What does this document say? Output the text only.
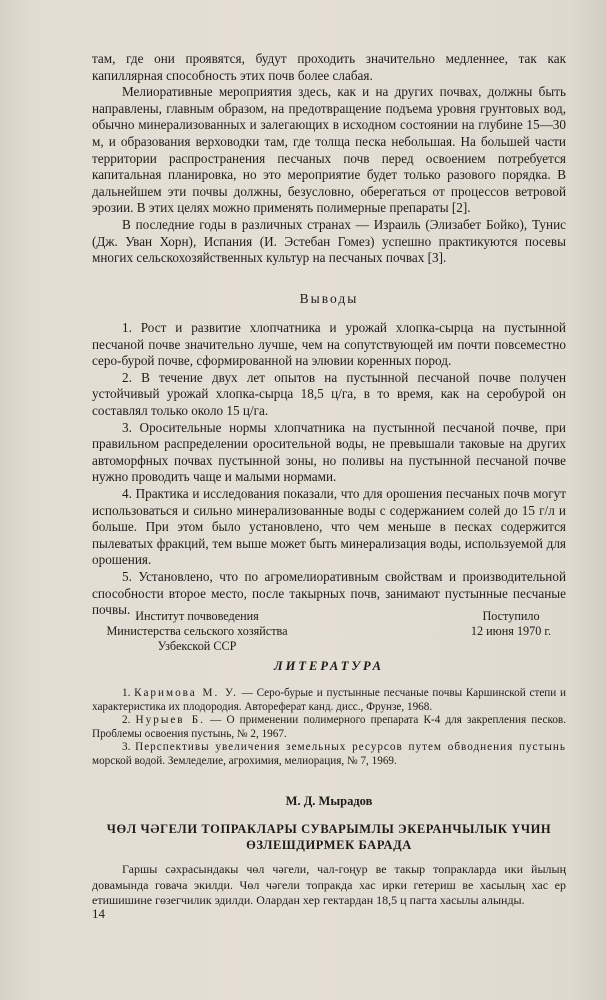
там, где они проявятся, будут проходить значительно медленнее, так как капиллярная способность этих почв более слабая.

Мелиоративные мероприятия здесь, как и на других почвах, должны быть направлены, главным образом, на предотвращение подъема уровня грунтовых вод, обычно минерализованных и залегающих в исходном состоянии на глубине 15—30 м, и образования верховодки там, где толща песка небольшая. На большей части территории распространения песчаных почв перед освоением потребуется капитальная планировка, но это мероприятие будет только разового порядка. В дальнейшем эти почвы должны, безусловно, оберегаться от процессов ветровой эрозии. В этих целях можно применять полимерные препараты [2].

В последние годы в различных странах — Израиль (Элизабет Бойко), Тунис (Дж. Уван Хорн), Испания (И. Эстебан Гомез) успешно практикуются посевы многих сельскохозяйственных культур на песчаных почвах [3].

Выводы

1. Рост и развитие хлопчатника и урожай хлопка-сырца на пустынной песчаной почве значительно лучше, чем на сопутствующей им почти повсеместно серо-бурой почве, сформированной на элювии коренных пород.

2. В течение двух лет опытов на пустынной песчаной почве получен устойчивый урожай хлопка-сырца 18,5 ц/га, в то время, как на серобурой он составлял только около 15 ц/га.

3. Оросительные нормы хлопчатника на пустынной песчаной почве, при правильном распределении оросительной воды, не превышали таковые на других автоморфных почвах пустынной зоны, но поливы на пустынной песчаной почве нужно проводить чаще и малыми нормами.

4. Практика и исследования показали, что для орошения песчаных почв могут использоваться и сильно минерализованные воды с содержанием солей до 15 г/л и больше. При этом было установлено, что чем меньше в песках содержится пылеватых фракций, тем выше может быть минерализация воды, используемой для орошения.

5. Установлено, что по агромелиоративным свойствам и производительной способности второе место, после такырных почв, занимают пустынные песчаные почвы. Институт почвоведения
Министерства сельского хозяйства
Узбекской ССР
Поступило
12 июня 1970 г.
ЛИТЕРАТУРА

1. Каримова М. У. — Серо-бурые и пустынные песчаные почвы Каршинской степи и характеристика их плодородия. Автореферат канд. дисс., Фрунзе, 1968.

2. Нурыев Б. — О применении полимерного препарата К-4 для закрепления песков. Проблемы освоения пустынь, № 2, 1967.

3. Перспективы увеличения земельных ресурсов путем обводнения пустынь морской водой. Земледелие, агрохимия, мелиорация, № 7, 1969.

М. Д. Мырадов
ЧӨЛ ЧӘГЕЛИ ТОПРАКЛАРЫ СУВАРЫМЛЫ ЭКЕРАНЧЫЛЫК ҮЧИН
ӨЗЛЕШДИРМЕК БАРАДА

Гаршы сәхрасындакы чөл чәгели, чал-гоңур ве такыр топракларда ики йылың довамында говача экилди. Чөл чәгели топракда хас ирки гетериш ве хасылың хас ер етишишине гөзегчилик эдилди. Олардан хер гектардан 18,5 ц пагта хасылы алынды.

14
